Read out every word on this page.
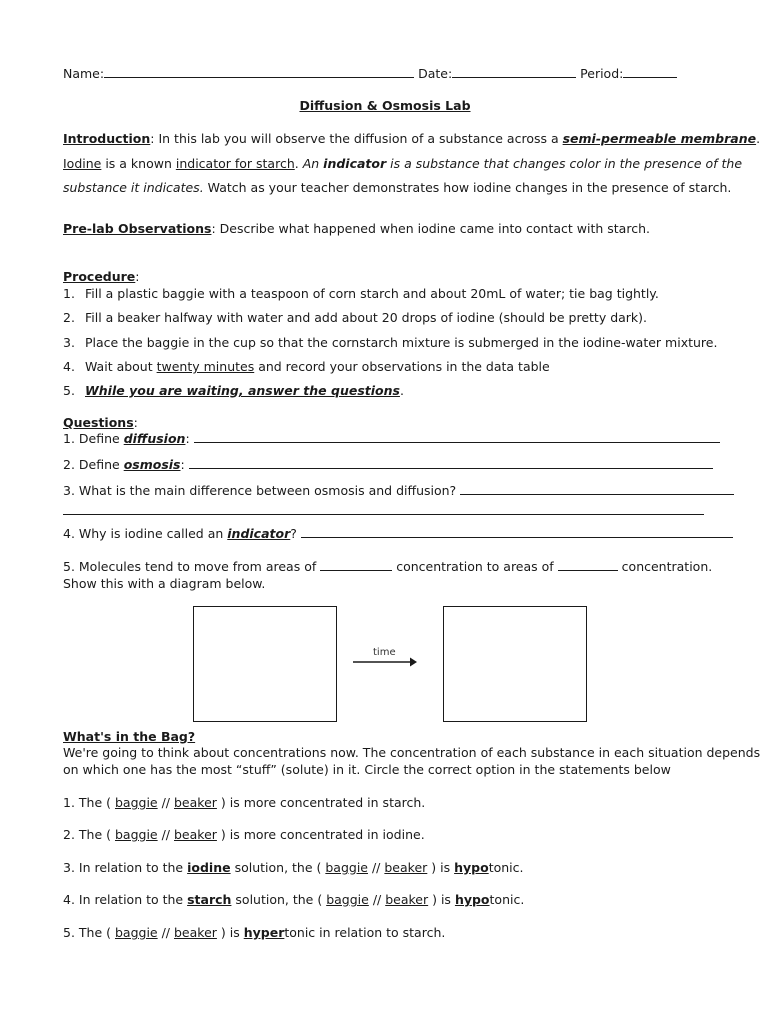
Name:	Date:	Period:
Diffusion & Osmosis Lab
Introduction: In this lab you will observe the diffusion of a substance across a semi-permeable membrane.
Iodine is a known indicator for starch. An indicator is a substance that changes color in the presence of the
substance it indicates. Watch as your teacher demonstrates how iodine changes in the presence of starch.
Pre-lab Observations: Describe what happened when iodine came into contact with starch.
Procedure:
1. Fill a plastic baggie with a teaspoon of corn starch and about 20mL of water; tie bag tightly.
2. Fill a beaker halfway with water and add about 20 drops of iodine (should be pretty dark).
3. Place the baggie in the cup so that the cornstarch mixture is submerged in the iodine-water mixture.
4. Wait about twenty minutes and record your observations in the data table
5. While you are waiting, answer the questions.
Questions:
1. Define diffusion:
2. Define osmosis:
3. What is the main difference between osmosis and diffusion?
4. Why is iodine called an indicator?
5. Molecules tend to move from areas of	concentration to areas of	concentration.
Show this with a diagram below.
time
What's in the Bag?
We're going to think about concentrations now. The concentration of each substance in each situation depends
on which one has the most “stuff” (solute) in it. Circle the correct option in the statements below
1. The ( baggie // beaker ) is more concentrated in starch.
2. The ( baggie // beaker ) is more concentrated in iodine.
3. In relation to the iodine solution, the ( baggie // beaker ) is hypotonic.
4. In relation to the starch solution, the ( baggie // beaker ) is hypotonic.
5. The ( baggie // beaker ) is hypertonic in relation to starch.
